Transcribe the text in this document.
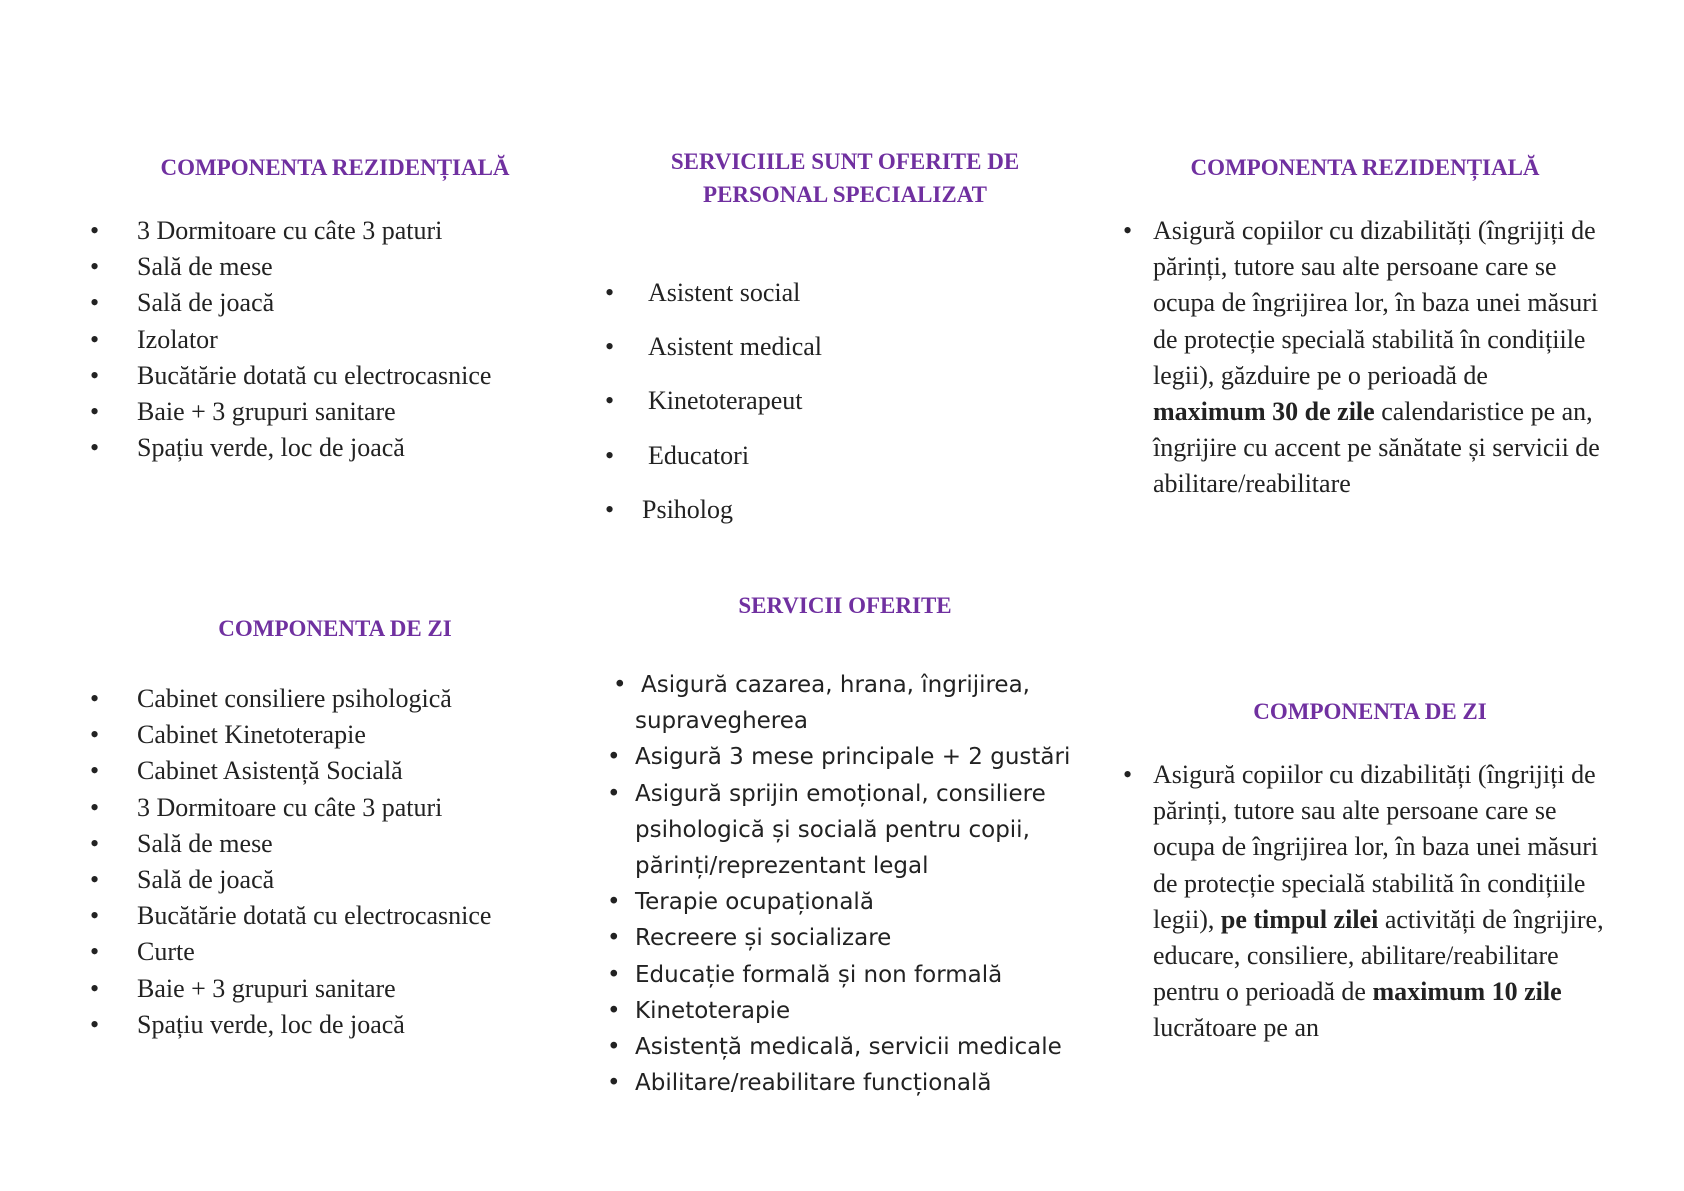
COMPONENTA REZIDENȚIALĂ
• 3 Dormitoare cu câte 3 paturi
• Sală de mese
• Sală de joacă
• Izolator
• Bucătărie dotată cu electrocasnice
• Baie + 3 grupuri sanitare
• Spațiu verde, loc de joacă
COMPONENTA DE ZI
• Cabinet consiliere psihologică
• Cabinet Kinetoterapie
• Cabinet Asistență Socială
• 3 Dormitoare cu câte 3 paturi
• Sală de mese
• Sală de joacă
• Bucătărie dotată cu electrocasnice
• Curte
• Baie + 3 grupuri sanitare
• Spațiu verde, loc de joacă
SERVICIILE SUNT OFERITE DE
PERSONAL SPECIALIZAT
• Asistent social
• Asistent medical
• Kinetoterapeut
• Educatori
• Psiholog
SERVICII OFERITE
• Asigură cazarea, hrana, îngrijirea, supravegherea
• Asigură 3 mese principale + 2 gustări
• Asigură sprijin emoțional, consiliere psihologică și socială pentru copii, părinți/reprezentant legal
• Terapie ocupațională
• Recreere și socializare
• Educație formală și non formală
• Kinetoterapie
• Asistență medicală, servicii medicale
• Abilitare/reabilitare funcțională
COMPONENTA REZIDENȚIALĂ
• Asigură copiilor cu dizabilități (îngrijiți de părinți, tutore sau alte persoane care se ocupa de îngrijirea lor, în baza unei măsuri de protecție specială stabilită în condițiile legii), găzduire pe o perioadă de maximum 30 de zile calendaristice pe an, îngrijire cu accent pe sănătate și servicii de abilitare/reabilitare
COMPONENTA DE ZI
• Asigură copiilor cu dizabilități (îngrijiți de părinți, tutore sau alte persoane care se ocupa de îngrijirea lor, în baza unei măsuri de protecție specială stabilită în condițiile legii), pe timpul zilei activități de îngrijire, educare, consiliere, abilitare/reabilitare pentru o perioadă de maximum 10 zile lucrătoare pe an
